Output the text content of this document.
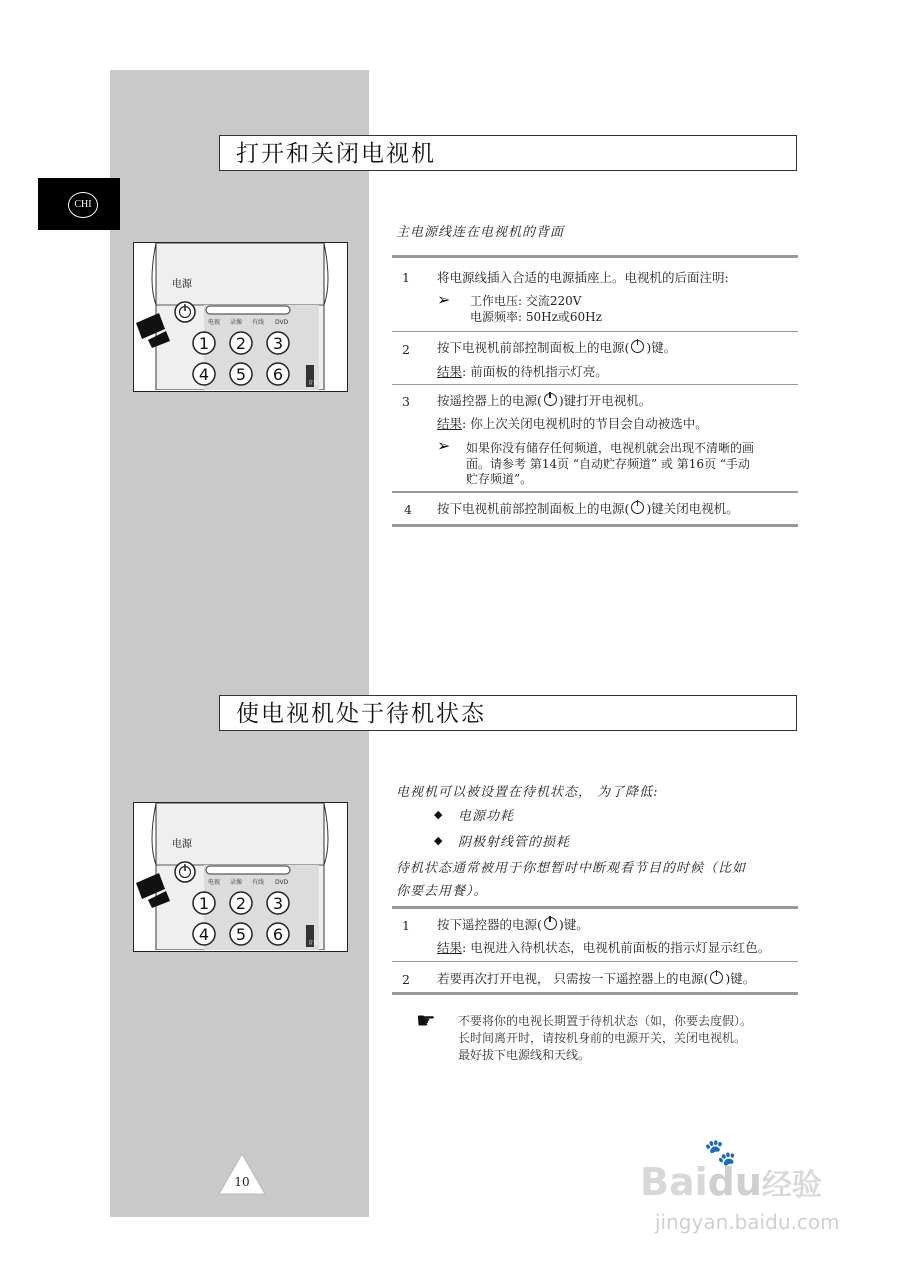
CHI
打开和关闭电视机
主电源线连在电视机的背面
电源
电视 录像 有线 DVD
1 2 3
4 5 6	音量
1 将电源线插入合适的电源插座上。电视机的后面注明:
➢ 工作电压: 交流220V
电源频率: 50Hz或60Hz
2 按下电视机前部控制面板上的电源( )键。
结果: 前面板的待机指示灯亮。
3 按遥控器上的电源( )键打开电视机。
结果: 你上次关闭电视机时的节目会自动被选中。
➢ 如果你没有储存任何频道，电视机就会出现不清晰的画
面。请参考 第14页 “自动贮存频道” 或 第16页 “手动
贮存频道”。
4 按下电视机前部控制面板上的电源( )键关闭电视机。
使电视机处于待机状态
电视机可以被设置在待机状态， 为了降低:
◆ 电源功耗
◆ 阴极射线管的损耗
待机状态通常被用于你想暂时中断观看节目的时候（比如
你要去用餐）。
电源
电视 录像 有线 DVD
1 2 3
4 5 6	音量
1 按下遥控器的电源( )键。
结果: 电视进入待机状态，电视机前面板的指示灯显示红色。
2 若要再次打开电视， 只需按一下遥控器上的电源( )键。
☛ 不要将你的电视长期置于待机状态（如，你要去度假）。
长时间离开时，请按机身前的电源开关，关闭电视机。
最好拔下电源线和天线。
10	Baidu经验
🐾
jingyan.baidu.com
